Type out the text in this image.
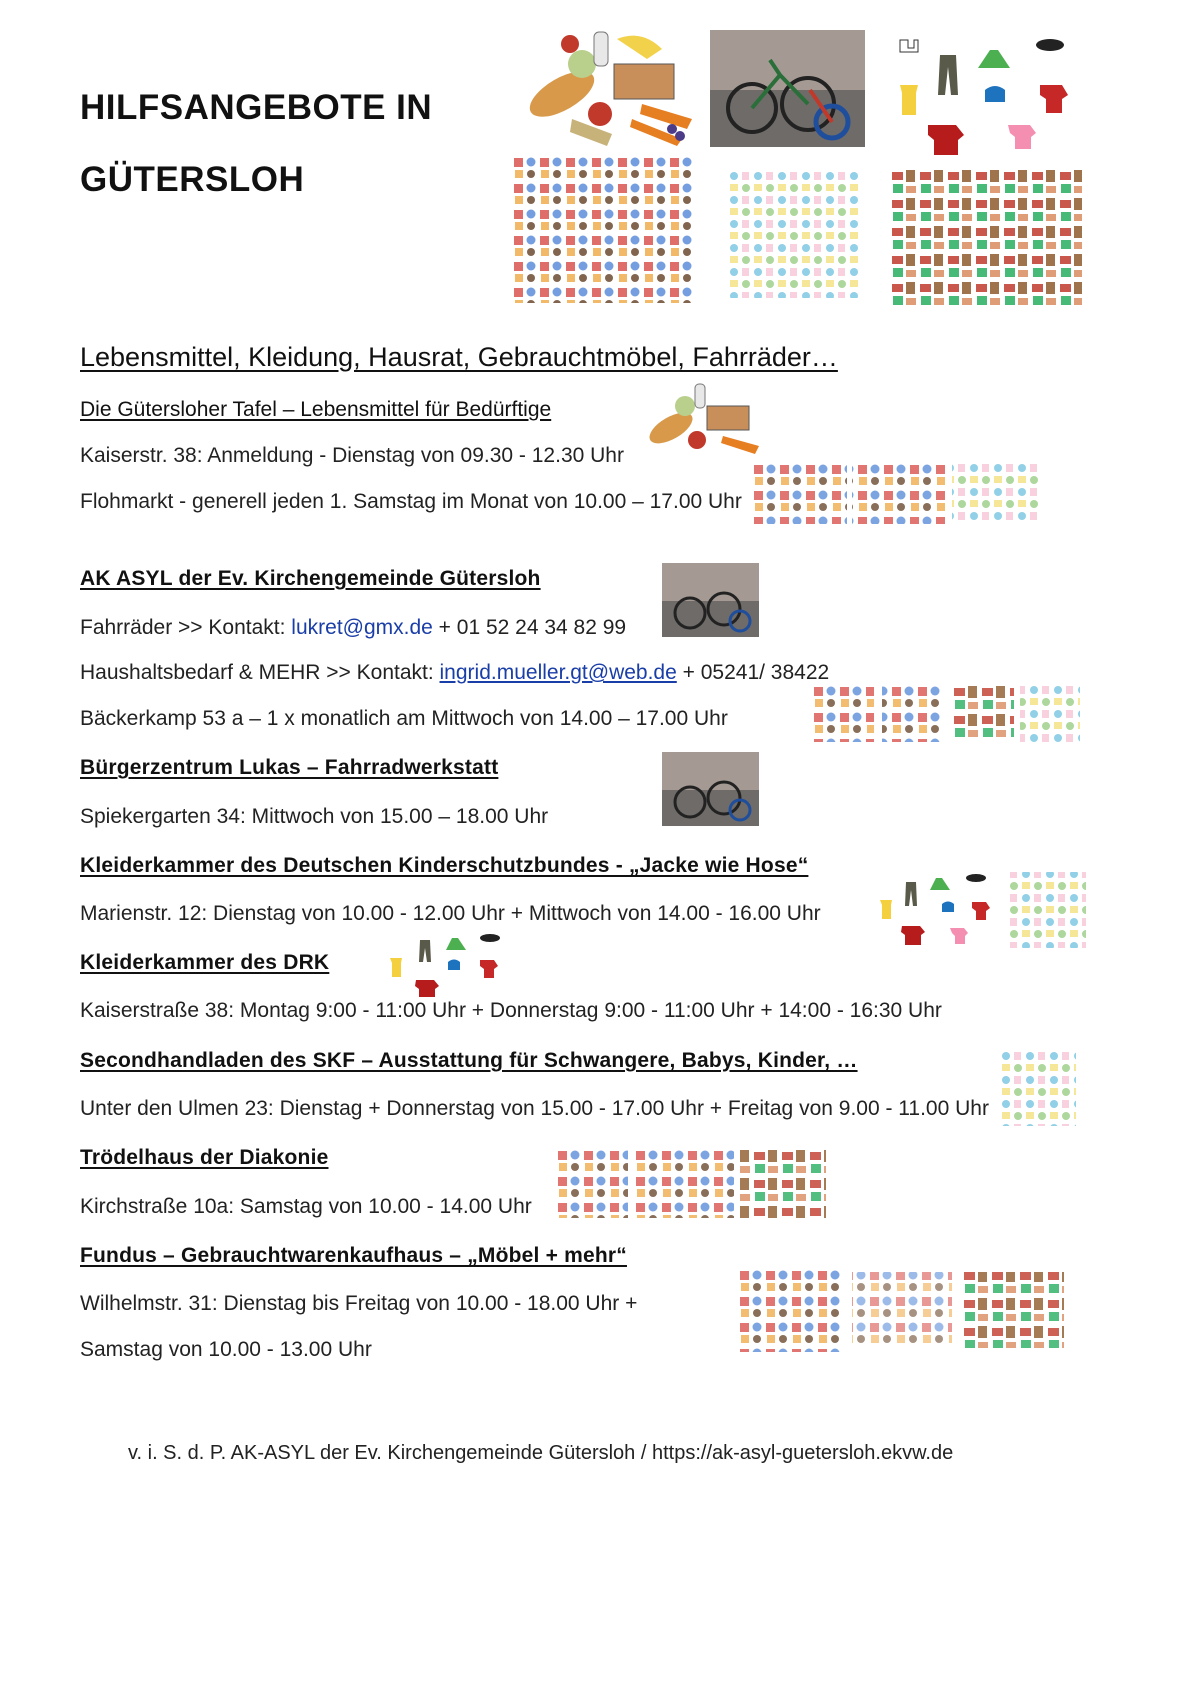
HILFSANGEBOTE IN
GÜTERSLOH
Lebensmittel, Kleidung, Hausrat, Gebrauchtmöbel, Fahrräder…
Die Gütersloher Tafel – Lebensmittel für Bedürftige
Kaiserstr. 38: Anmeldung - Dienstag von 09.30 - 12.30 Uhr
Flohmarkt - generell jeden 1. Samstag im Monat von 10.00 – 17.00 Uhr
AK ASYL der Ev. Kirchengemeinde Gütersloh
Fahrräder >> Kontakt: lukret@gmx.de + 01 52 24 34 82 99
Haushaltsbedarf & MEHR >> Kontakt: ingrid.mueller.gt@web.de + 05241/ 38422
Bäckerkamp 53 a – 1 x monatlich am Mittwoch von 14.00 – 17.00 Uhr
Bürgerzentrum Lukas – Fahrradwerkstatt
Spiekergarten 34: Mittwoch von 15.00 – 18.00 Uhr
Kleiderkammer des Deutschen Kinderschutzbundes - „Jacke wie Hose“
Marienstr. 12: Dienstag von 10.00 - 12.00 Uhr + Mittwoch von 14.00 - 16.00 Uhr
Kleiderkammer des DRK
Kaiserstraße 38: Montag 9:00 - 11:00 Uhr + Donnerstag 9:00 - 11:00 Uhr + 14:00 - 16:30 Uhr
Secondhandladen des SKF – Ausstattung für Schwangere, Babys, Kinder, …
Unter den Ulmen 23: Dienstag + Donnerstag von 15.00 - 17.00 Uhr + Freitag von 9.00 - 11.00 Uhr
Trödelhaus der Diakonie
Kirchstraße 10a: Samstag von 10.00 - 14.00 Uhr
Fundus – Gebrauchtwarenkaufhaus – „Möbel + mehr“
Wilhelmstr. 31: Dienstag bis Freitag von 10.00 - 18.00 Uhr +
Samstag von 10.00 - 13.00 Uhr
v. i. S. d. P. AK-ASYL der Ev. Kirchengemeinde Gütersloh / https://ak-asyl-guetersloh.ekvw.de
